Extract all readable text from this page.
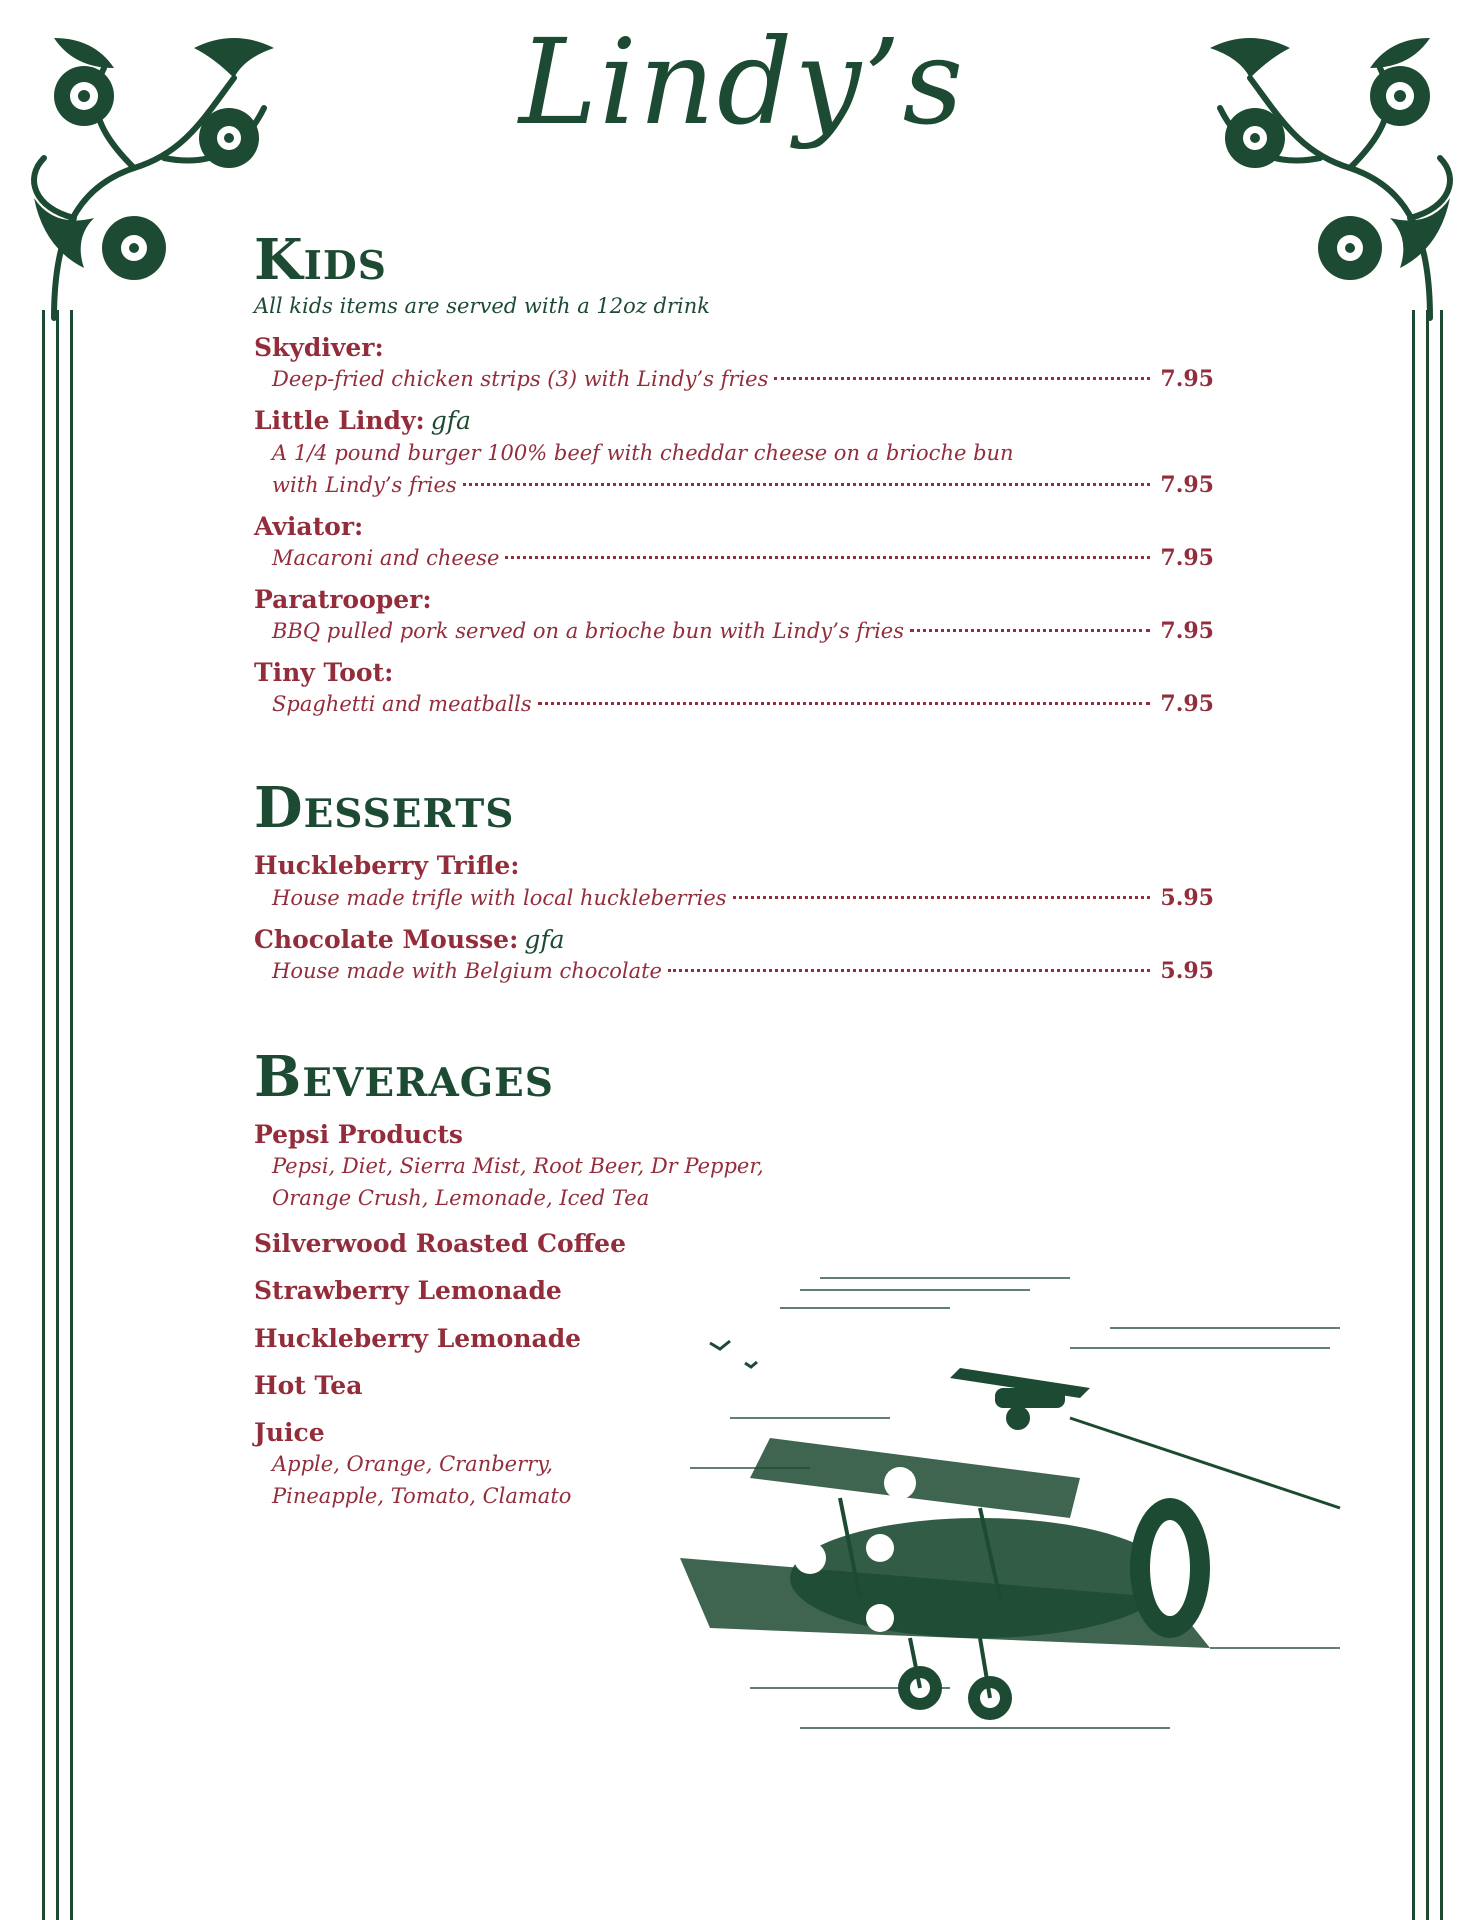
Lindy’s
Kids
All kids items are served with a 12oz drink
Skydiver:
Deep-fried chicken strips (3) with Lindy’s fries	7.95
Little Lindy: gfa
A 1/4 pound burger 100% beef with cheddar cheese on a brioche bun
with Lindy’s fries	7.95
Aviator:
Macaroni and cheese	7.95
Paratrooper:
BBQ pulled pork served on a brioche bun with Lindy’s fries	7.95
Tiny Toot:
Spaghetti and meatballs	7.95
Desserts
Huckleberry Trifle:
House made trifle with local huckleberries	5.95
Chocolate Mousse: gfa
House made with Belgium chocolate	5.95
Beverages
Pepsi Products
Pepsi, Diet, Sierra Mist, Root Beer, Dr Pepper,
Orange Crush, Lemonade, Iced Tea
Silverwood Roasted Coffee
Strawberry Lemonade
Huckleberry Lemonade
Hot Tea
Juice
Apple, Orange, Cranberry,
Pineapple, Tomato, Clamato
